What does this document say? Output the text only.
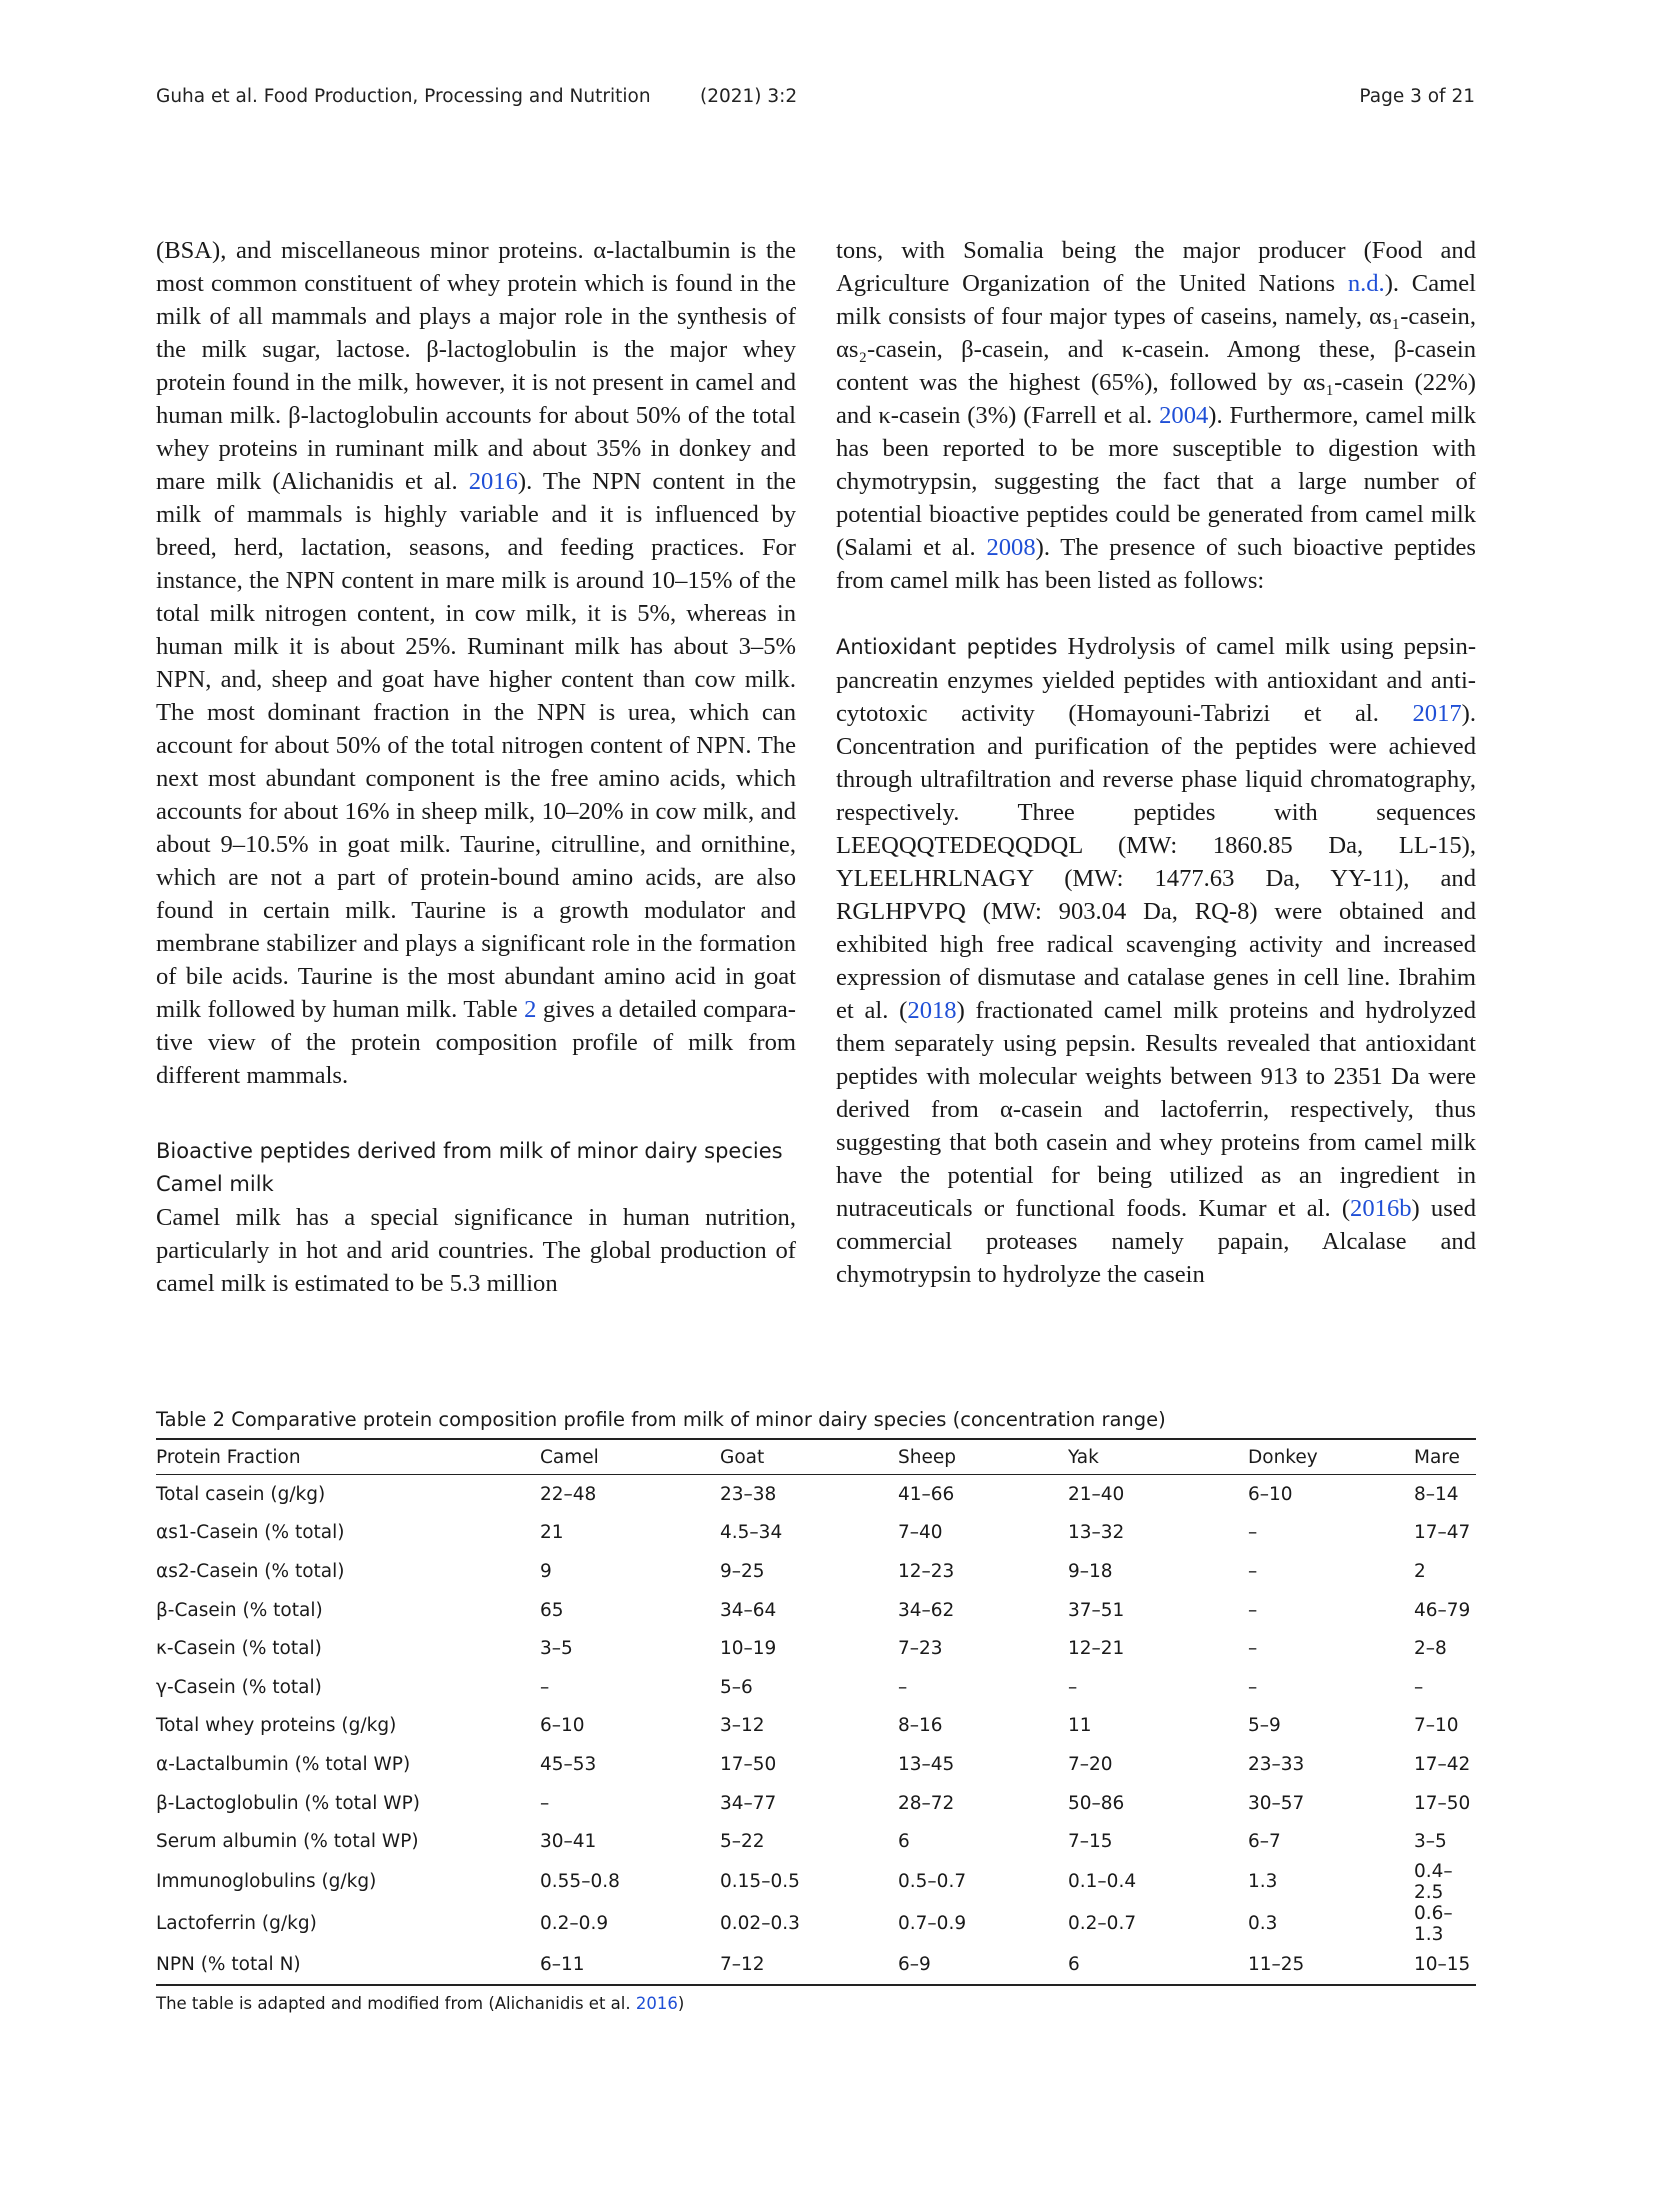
Guha et al. Food Production, Processing and Nutrition	(2021) 3:2	Page 3 of 21

(BSA), and miscellaneous minor proteins. α-lactalbumin is the most common constituent of whey protein which is found in the milk of all mammals and plays a major role in the synthesis of the milk sugar, lactose. β-lactoglobulin is the major whey protein found in the milk, however, it is not present in camel and human milk. β-lactoglobulin accounts for about 50% of the total whey proteins in ruminant milk and about 35% in donkey and mare milk (Alichanidis et al. 2016). The NPN content in the milk of mammals is highly variable and it is influenced by breed, herd, lactation, seasons, and feeding practices. For instance, the NPN content in mare milk is around 10–15% of the total milk nitrogen content, in cow milk, it is 5%, whereas in human milk it is about 25%. Ruminant milk has about 3–5% NPN, and, sheep and goat have higher content than cow milk. The most dominant fraction in the NPN is urea, which can account for about 50% of the total nitrogen content of NPN. The next most abundant component is the free amino acids, which accounts for about 16% in sheep milk, 10–20% in cow milk, and about 9–10.5% in goat milk. Taurine, citrulline, and ornithine, which are not a part of protein-bound amino acids, are also found in certain milk. Taurine is a growth modulator and membrane stabilizer and plays a significant role in the formation of bile acids. Taurine is the most abundant amino acid in goat milk followed by human milk. Table 2 gives a detailed comparative view of the protein composition profile of milk from different mammals.

Bioactive peptides derived from milk of minor dairy species

Camel milk

Camel milk has a special significance in human nutrition, particularly in hot and arid countries. The global production of camel milk is estimated to be 5.3 million

tons, with Somalia being the major producer (Food and Agriculture Organization of the United Nations n.d.). Camel milk consists of four major types of caseins, namely, αs₁-casein, αs₂-casein, β-casein, and κ-casein. Among these, β-casein content was the highest (65%), followed by αs₁-casein (22%) and κ-casein (3%) (Farrell et al. 2004). Furthermore, camel milk has been reported to be more susceptible to digestion with chymotrypsin, suggesting the fact that a large number of potential bioactive peptides could be generated from camel milk (Salami et al. 2008). The presence of such bioactive peptides from camel milk has been listed as follows:

Antioxidant peptides Hydrolysis of camel milk using pepsin-pancreatin enzymes yielded peptides with antioxidant and anti-cytotoxic activity (Homayouni-Tabrizi et al. 2017). Concentration and purification of the peptides were achieved through ultrafiltration and reverse phase liquid chromatography, respectively. Three peptides with sequences LEEQQQTEDEQQDQL (MW: 1860.85 Da, LL-15), YLEELHRLNAGY (MW: 1477.63 Da, YY-11), and RGLHPVPQ (MW: 903.04 Da, RQ-8) were obtained and exhibited high free radical scavenging activity and increased expression of dismutase and catalase genes in cell line. Ibrahim et al. (2018) fractionated camel milk proteins and hydrolyzed them separately using pepsin. Results revealed that antioxidant peptides with molecular weights between 913 to 2351 Da were derived from α-casein and lactoferrin, respectively, thus suggesting that both casein and whey proteins from camel milk have the potential for being utilized as an ingredient in nutraceuticals or functional foods. Kumar et al. (2016b) used commercial proteases namely papain, Alcalase and chymotrypsin to hydrolyze the casein

Table 2 Comparative protein composition profile from milk of minor dairy species (concentration range)
Protein Fraction	Camel	Goat	Sheep	Yak	Donkey	Mare
Total casein (g/kg)	22–48	23–38	41–66	21–40	6–10	8–14
αs1-Casein (% total)	21	4.5–34	7–40	13–32	–	17–47
αs2-Casein (% total)	9	9–25	12–23	9–18	–	2
β-Casein (% total)	65	34–64	34–62	37–51	–	46–79
κ-Casein (% total)	3–5	10–19	7–23	12–21	–	2–8
γ-Casein (% total)	–	5–6	–	–	–	–
Total whey proteins (g/kg)	6–10	3–12	8–16	11	5–9	7–10
α-Lactalbumin (% total WP)	45–53	17–50	13–45	7–20	23–33	17–42
β-Lactoglobulin (% total WP)	–	34–77	28–72	50–86	30–57	17–50
Serum albumin (% total WP)	30–41	5–22	6	7–15	6–7	3–5
Immunoglobulins (g/kg)	0.55–0.8	0.15–0.5	0.5–0.7	0.1–0.4	1.3	0.4–2.5
Lactoferrin (g/kg)	0.2–0.9	0.02–0.3	0.7–0.9	0.2–0.7	0.3	0.6–1.3
NPN (% total N)	6–11	7–12	6–9	6	11–25	10–15
The table is adapted and modified from (Alichanidis et al. 2016)
